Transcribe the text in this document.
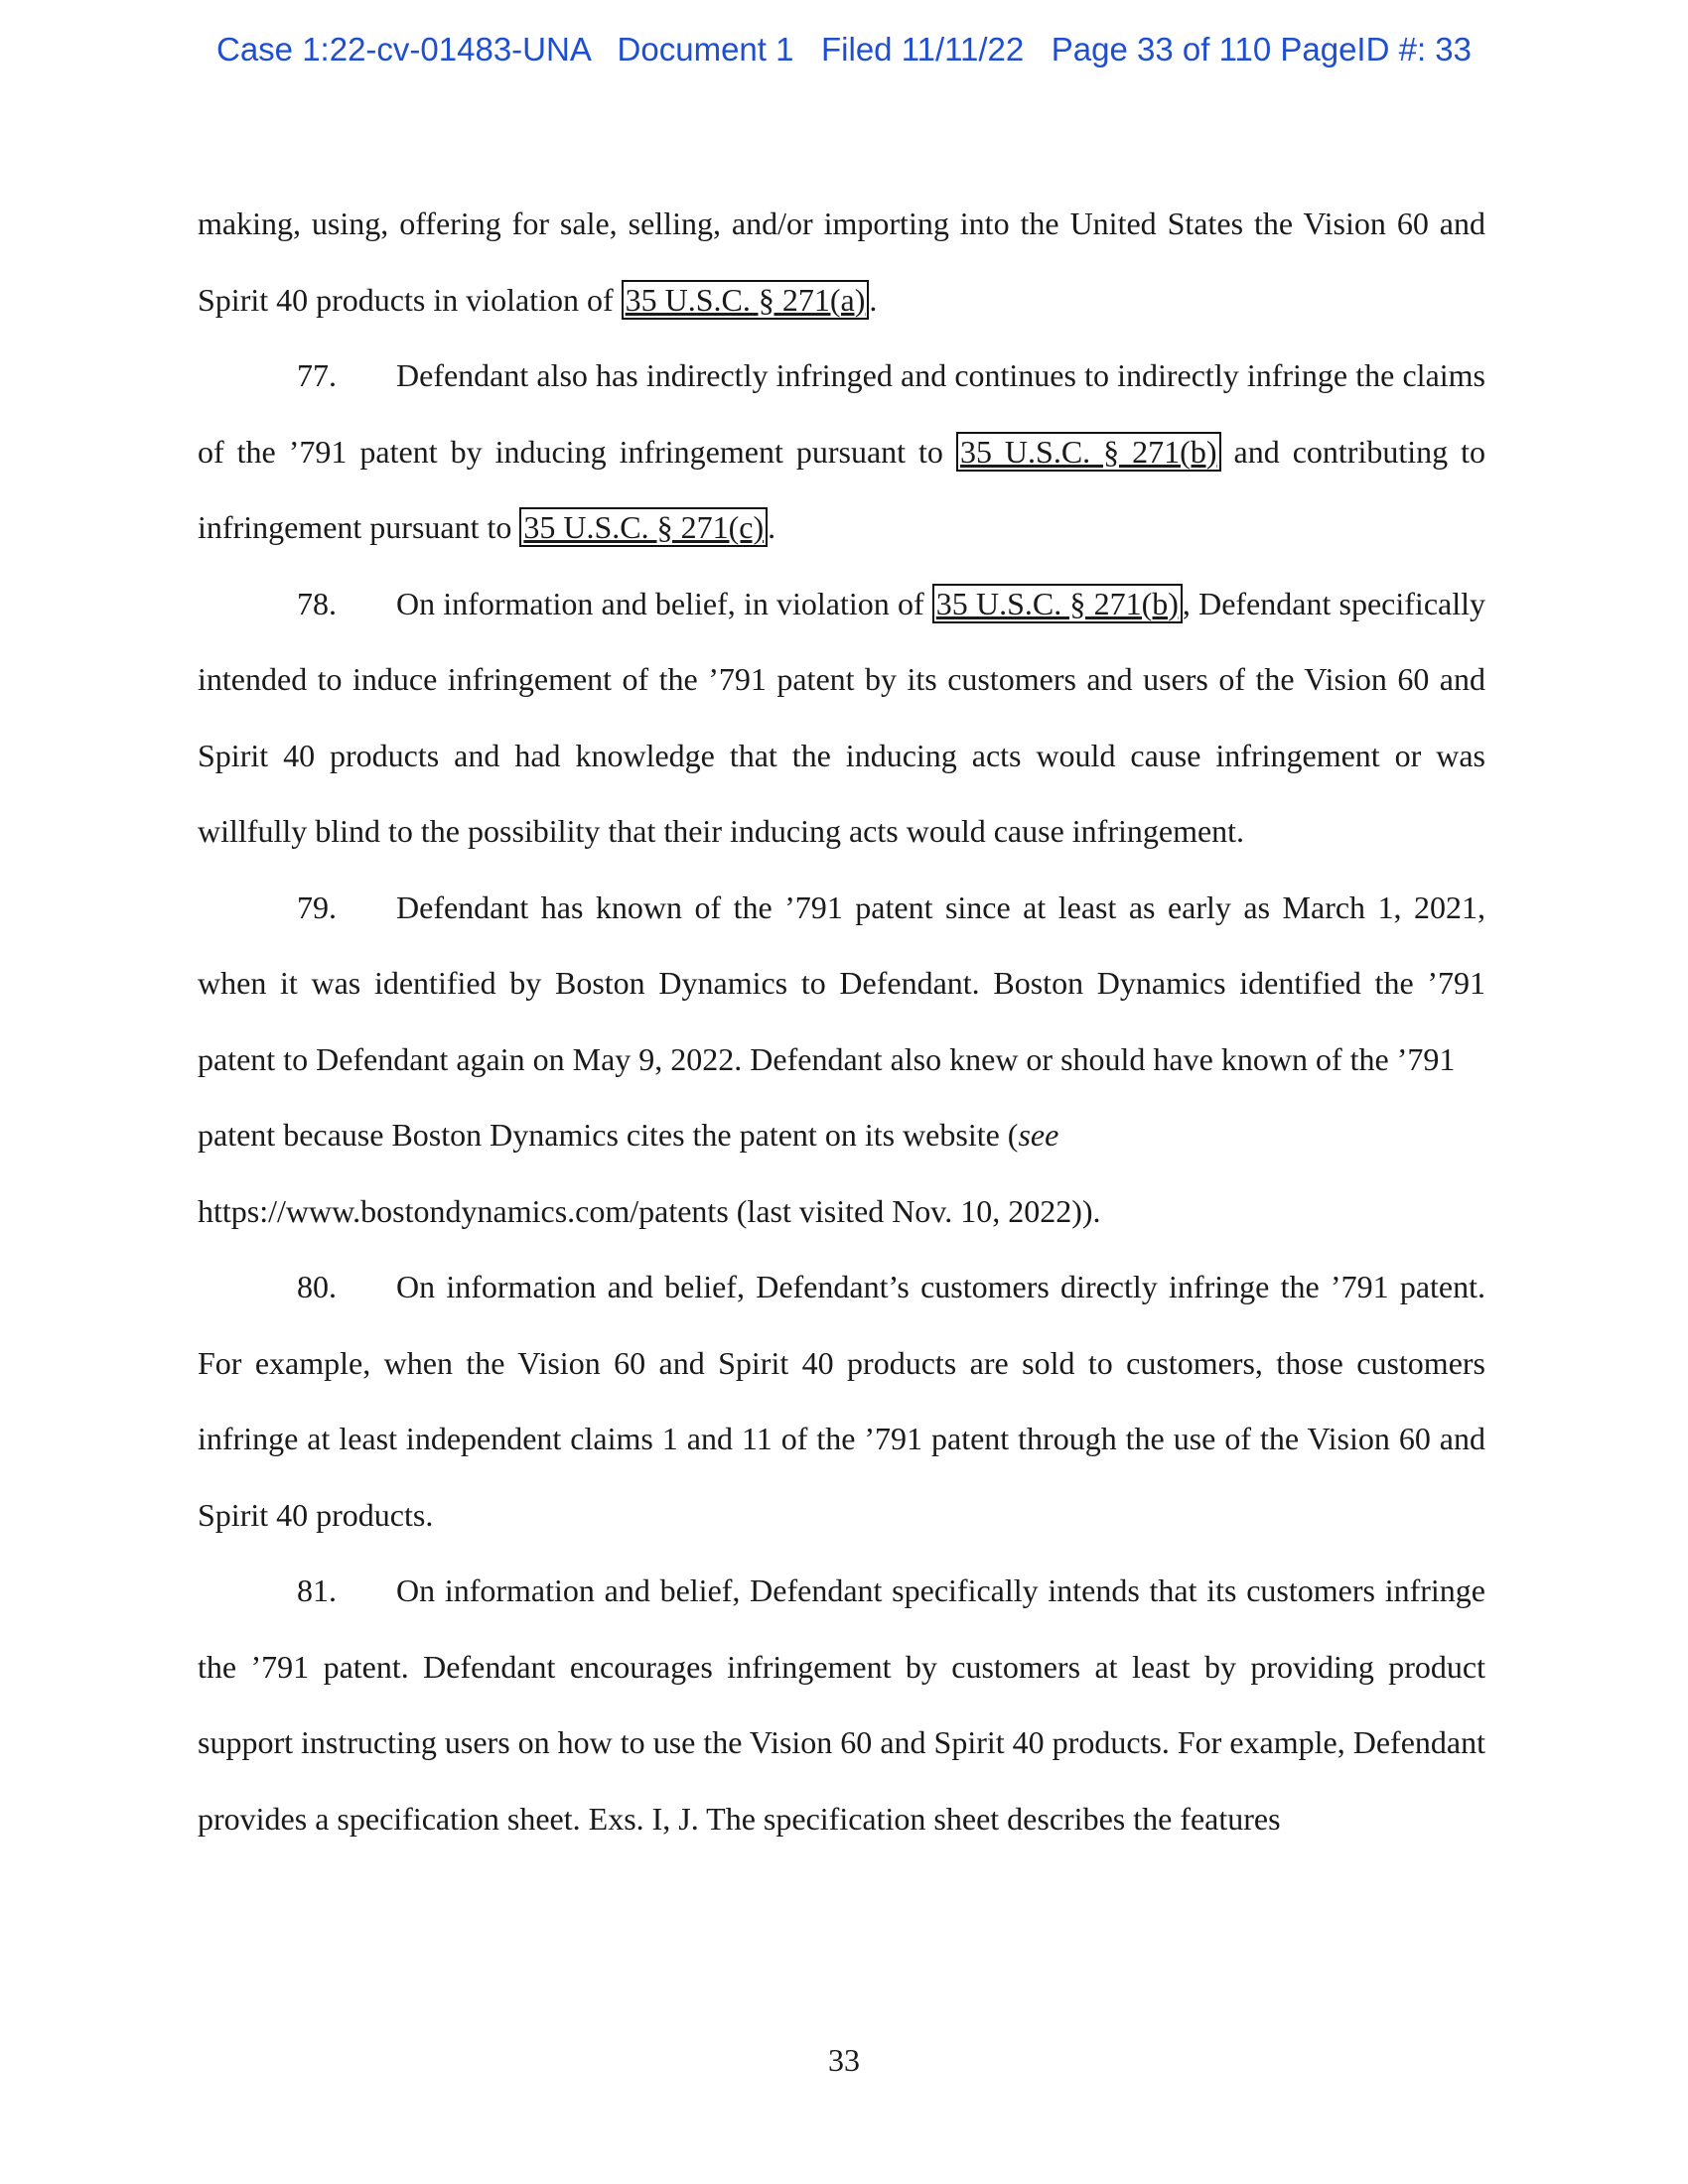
Case 1:22-cv-01483-UNA Document 1 Filed 11/11/22 Page 33 of 110 PageID #: 33

making, using, offering for sale, selling, and/or importing into the United States the Vision 60 and Spirit 40 products in violation of 35 U.S.C. § 271(a) .

77. Defendant also has indirectly infringed and continues to indirectly infringe the claims of the ’791 patent by inducing infringement pursuant to 35 U.S.C. § 271(b) and contributing to infringement pursuant to 35 U.S.C. § 271(c) .

78. On information and belief, in violation of 35 U.S.C. § 271(b) , Defendant specifically intended to induce infringement of the ’791 patent by its customers and users of the Vision 60 and Spirit 40 products and had knowledge that the inducing acts would cause infringement or was willfully blind to the possibility that their inducing acts would cause infringement.

79. Defendant has known of the ’791 patent since at least as early as March 1, 2021, when it was identified by Boston Dynamics to Defendant. Boston Dynamics identified the ’791 patent to Defendant again on May 9, 2022. Defendant also knew or should have known of the ’791

patent because Boston Dynamics cites the patent on its website (see

https://www.bostondynamics.com/patents (last visited Nov. 10, 2022)).

80. On information and belief, Defendant’s customers directly infringe the ’791 patent. For example, when the Vision 60 and Spirit 40 products are sold to customers, those customers infringe at least independent claims 1 and 11 of the ’791 patent through the use of the Vision 60 and Spirit 40 products.

81. On information and belief, Defendant specifically intends that its customers infringe the ’791 patent. Defendant encourages infringement by customers at least by providing product support instructing users on how to use the Vision 60 and Spirit 40 products. For example, Defendant provides a specification sheet. Exs. I, J. The specification sheet describes the features

33
